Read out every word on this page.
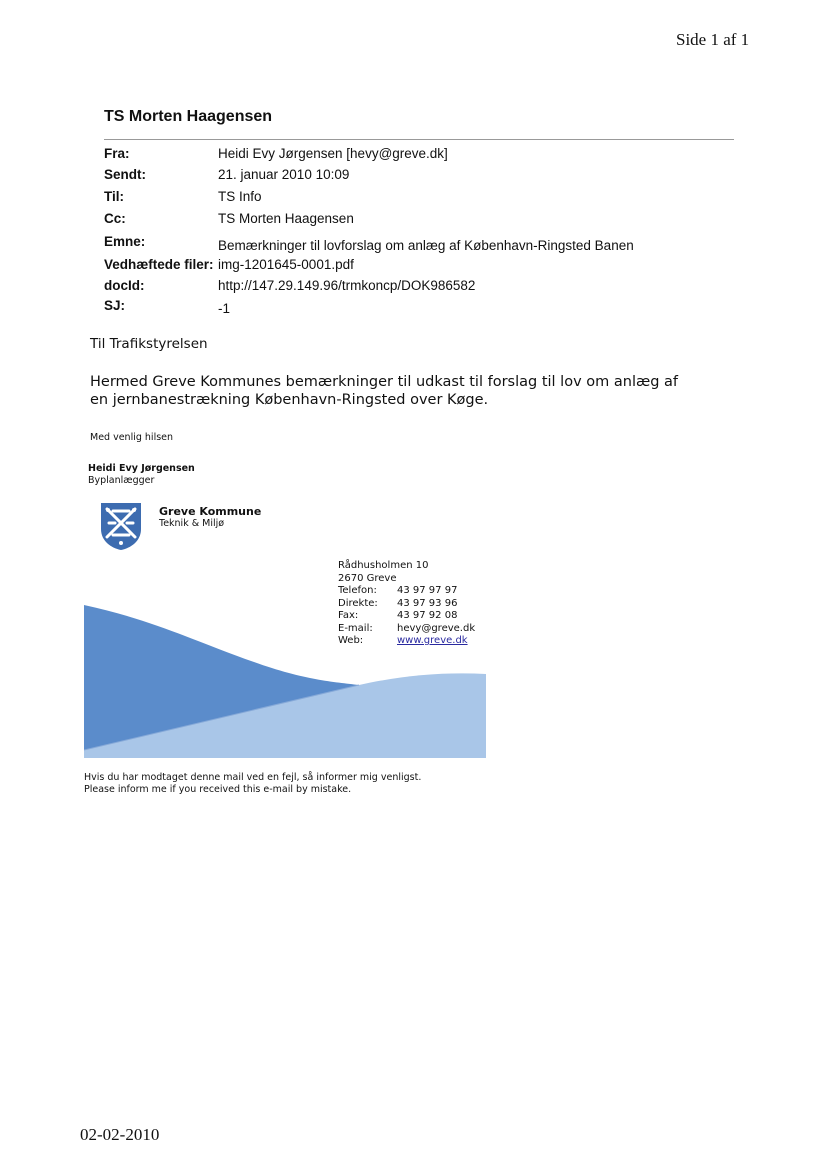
Side 1 af 1
TS Morten Haagensen
Fra:	Heidi Evy Jørgensen [hevy@greve.dk]
Sendt:	21. januar 2010 10:09
Til:	TS Info
Cc:	TS Morten Haagensen
Emne:	Bemærkninger til lovforslag om anlæg af København-Ringsted Banen
Vedhæftede filer: img-1201645-0001.pdf
docId:	http://147.29.149.96/trmkoncp/DOK986582
SJ:	-1
Til Trafikstyrelsen
Hermed Greve Kommunes bemærkninger til udkast til forslag til lov om anlæg af en jernbanestrækning København-Ringsted over Køge.
Med venlig hilsen
Heidi Evy Jørgensen
Byplanlægger
Greve Kommune
Teknik & Miljø
Rådhusholmen 10
2670 Greve
Telefon: 43 97 97 97
Direkte: 43 97 93 96
Fax:	43 97 92 08
E-mail: hevy@greve.dk
Web:	www.greve.dk
Hvis du har modtaget denne mail ved en fejl, så informer mig venligst.
Please inform me if you received this e-mail by mistake.
02-02-2010
